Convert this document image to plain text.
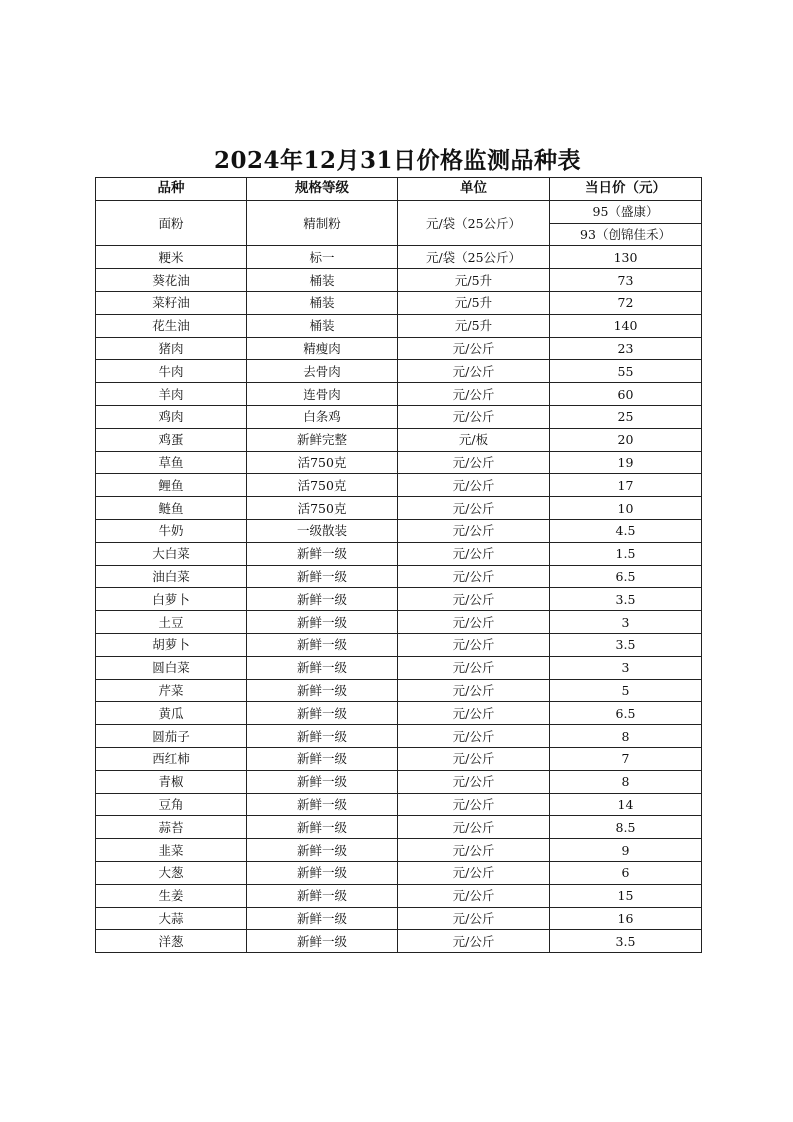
2024年12月31日价格监测品种表
品种	规格等级	单位	当日价（元）
面粉	精制粉	元/袋（25公斤）	95（盛康）
			93（创锦佳禾）
粳米	标一	元/袋（25公斤）	130
葵花油	桶装	元/5升	73
菜籽油	桶装	元/5升	72
花生油	桶装	元/5升	140
猪肉	精瘦肉	元/公斤	23
牛肉	去骨肉	元/公斤	55
羊肉	连骨肉	元/公斤	60
鸡肉	白条鸡	元/公斤	25
鸡蛋	新鲜完整	元/板	20
草鱼	活750克	元/公斤	19
鲤鱼	活750克	元/公斤	17
鲢鱼	活750克	元/公斤	10
牛奶	一级散装	元/公斤	4.5
大白菜	新鲜一级	元/公斤	1.5
油白菜	新鲜一级	元/公斤	6.5
白萝卜	新鲜一级	元/公斤	3.5
土豆	新鲜一级	元/公斤	3
胡萝卜	新鲜一级	元/公斤	3.5
圆白菜	新鲜一级	元/公斤	3
芹菜	新鲜一级	元/公斤	5
黄瓜	新鲜一级	元/公斤	6.5
圆茄子	新鲜一级	元/公斤	8
西红柿	新鲜一级	元/公斤	7
青椒	新鲜一级	元/公斤	8
豆角	新鲜一级	元/公斤	14
蒜苔	新鲜一级	元/公斤	8.5
韭菜	新鲜一级	元/公斤	9
大葱	新鲜一级	元/公斤	6
生姜	新鲜一级	元/公斤	15
大蒜	新鲜一级	元/公斤	16
洋葱	新鲜一级	元/公斤	3.5
